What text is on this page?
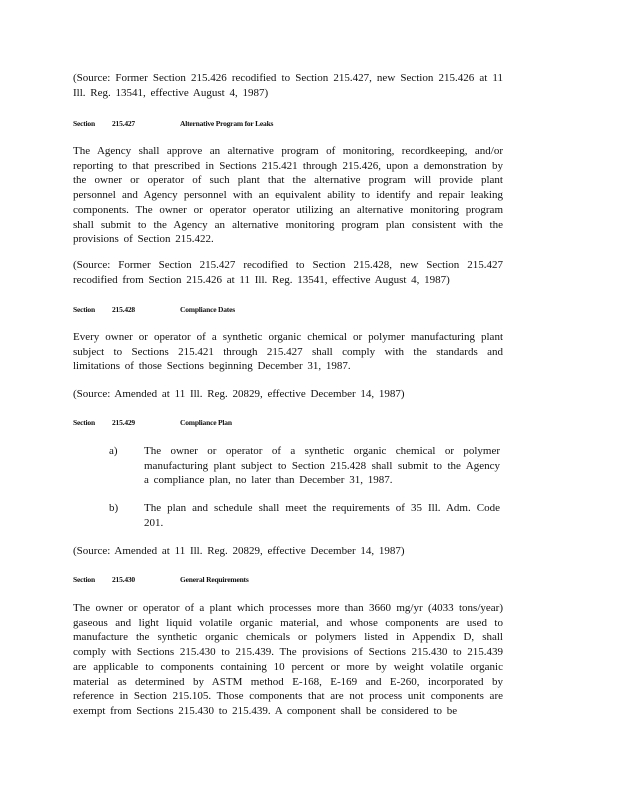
(Source: Former Section 215.426 recodified to Section 215.427, new Section 215.426 at 11 Ill. Reg. 13541, effective August 4, 1987)

Section 215.427	Alternative Program for Leaks

The Agency shall approve an alternative program of monitoring, recordkeeping, and/or reporting to that prescribed in Sections 215.421 through 215.426, upon a demonstration by the owner or operator of such plant that the alternative program will provide plant personnel and Agency personnel with an equivalent ability to identify and repair leaking components. The owner or operator operator utilizing an alternative monitoring program shall submit to the Agency an alternative monitoring program plan consistent with the provisions of Section 215.422.

(Source: Former Section 215.427 recodified to Section 215.428, new Section 215.427 recodified from Section 215.426 at 11 Ill. Reg. 13541, effective August 4, 1987)

Section 215.428	Compliance Dates

Every owner or operator of a synthetic organic chemical or polymer manufacturing plant subject to Sections 215.421 through 215.427 shall comply with the standards and limitations of those Sections beginning December 31, 1987.

(Source: Amended at 11 Ill. Reg. 20829, effective December 14, 1987)

Section 215.429	Compliance Plan
a) The owner or operator of a synthetic organic chemical or polymer manufacturing plant subject to Section 215.428 shall submit to the Agency a compliance plan, no later than December 31, 1987.

b) The plan and schedule shall meet the requirements of 35 Ill. Adm. Code 201.

(Source: Amended at 11 Ill. Reg. 20829, effective December 14, 1987)

Section 215.430	General Requirements

The owner or operator of a plant which processes more than 3660 mg/yr (4033 tons/year) gaseous and light liquid volatile organic material, and whose components are used to manufacture the synthetic organic chemicals or polymers listed in Appendix D, shall comply with Sections 215.430 to 215.439. The provisions of Sections 215.430 to 215.439 are applicable to components containing 10 percent or more by weight volatile organic material as determined by ASTM method E-168, E-169 and E-260, incorporated by reference in Section 215.105. Those components that are not process unit components are exempt from Sections 215.430 to 215.439. A component shall be considered to be
